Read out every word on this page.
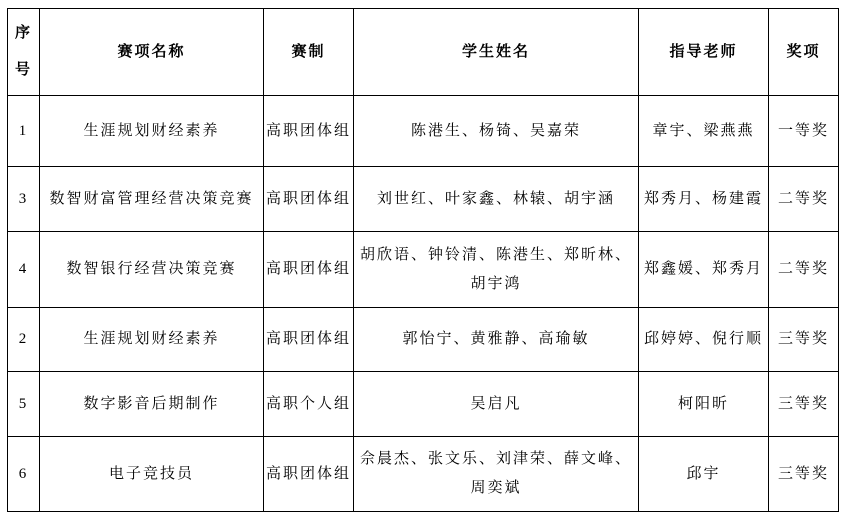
序号	赛项名称	赛制	学生姓名	指导老师	奖项
1	生涯规划财经素养	高职团体组	陈港生、杨锜、吴嘉荣	章宇、梁燕燕	一等奖
3	数智财富管理经营决策竞赛	高职团体组	刘世红、叶家鑫、林辕、胡宇涵	郑秀月、杨建霞	二等奖
4	数智银行经营决策竞赛	高职团体组	胡欣语、钟铃清、陈港生、郑昕林、胡宇鸿	郑鑫媛、郑秀月	二等奖
2	生涯规划财经素养	高职团体组	郭怡宁、黄雅静、高瑜敏	邱婷婷、倪行顺	三等奖
5	数字影音后期制作	高职个人组	吴启凡	柯阳昕	三等奖
6	电子竞技员	高职团体组	佘晨杰、张文乐、刘津荣、薛文峰、周奕斌	邱宇	三等奖
